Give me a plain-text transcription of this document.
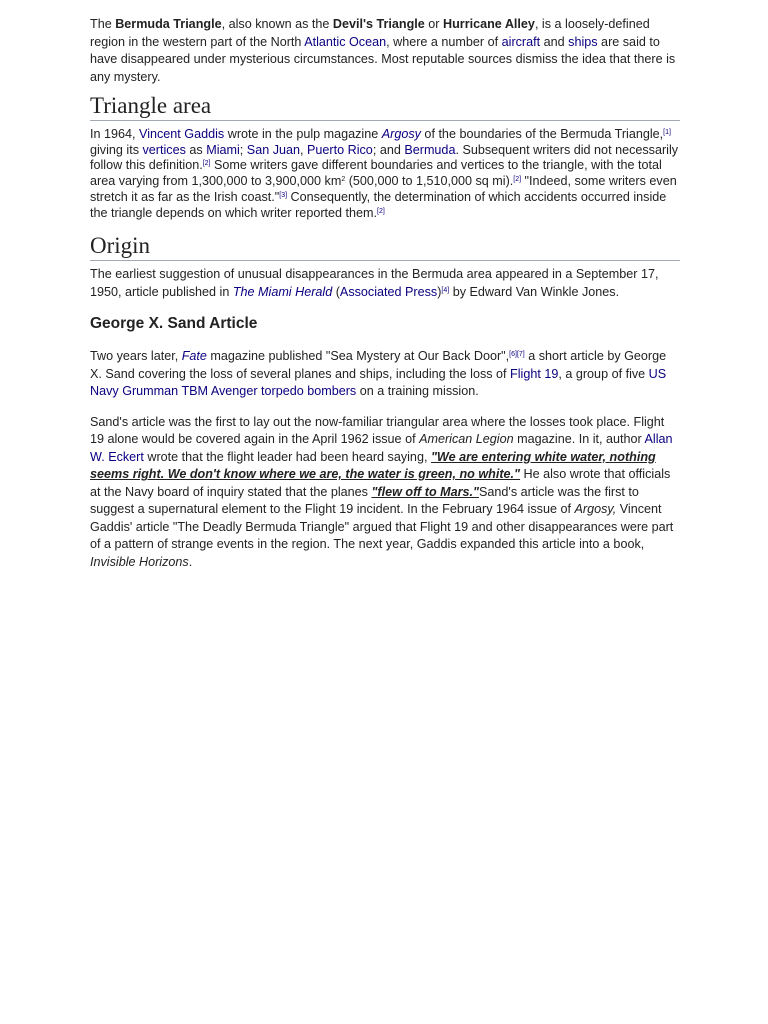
The Bermuda Triangle, also known as the Devil's Triangle or Hurricane Alley, is a loosely-defined region in the western part of the North Atlantic Ocean, where a number of aircraft and ships are said to have disappeared under mysterious circumstances. Most reputable sources dismiss the idea that there is any mystery.

Triangle area

In 1964, Vincent Gaddis wrote in the pulp magazine Argosy of the boundaries of the Bermuda Triangle,[1] giving its vertices as Miami; San Juan, Puerto Rico; and Bermuda. Subsequent writers did not necessarily follow this definition.[2] Some writers gave different boundaries and vertices to the triangle, with the total area varying from 1,300,000 to 3,900,000 $km^2$ (500,000 to 1,510,000 sq mi).[2] "Indeed, some writers even stretch it as far as the Irish coast."[3] Consequently, the determination of which accidents occurred inside the triangle depends on which writer reported them.[2]

Origin

The earliest suggestion of unusual disappearances in the Bermuda area appeared in a September 17, 1950, article published in The Miami Herald (Associated Press)[4] by Edward Van Winkle Jones.

George X. Sand Article

Two years later, Fate magazine published "Sea Mystery at Our Back Door",[6][7] a short article by George X. Sand covering the loss of several planes and ships, including the loss of Flight 19, a group of five US Navy Grumman TBM Avenger torpedo bombers on a training mission.

Sand's article was the first to lay out the now-familiar triangular area where the losses took place. Flight 19 alone would be covered again in the April 1962 issue of American Legion magazine. In it, author Allan W. Eckert wrote that the flight leader had been heard saying, "We are entering white water, nothing seems right. We don't know where we are, the water is green, no white." He also wrote that officials at the Navy board of inquiry stated that the planes "flew off to Mars."Sand's article was the first to suggest a supernatural element to the Flight 19 incident. In the February 1964 issue of Argosy, Vincent Gaddis' article "The Deadly Bermuda Triangle" argued that Flight 19 and other disappearances were part of a pattern of strange events in the region. The next year, Gaddis expanded this article into a book, Invisible Horizons.
